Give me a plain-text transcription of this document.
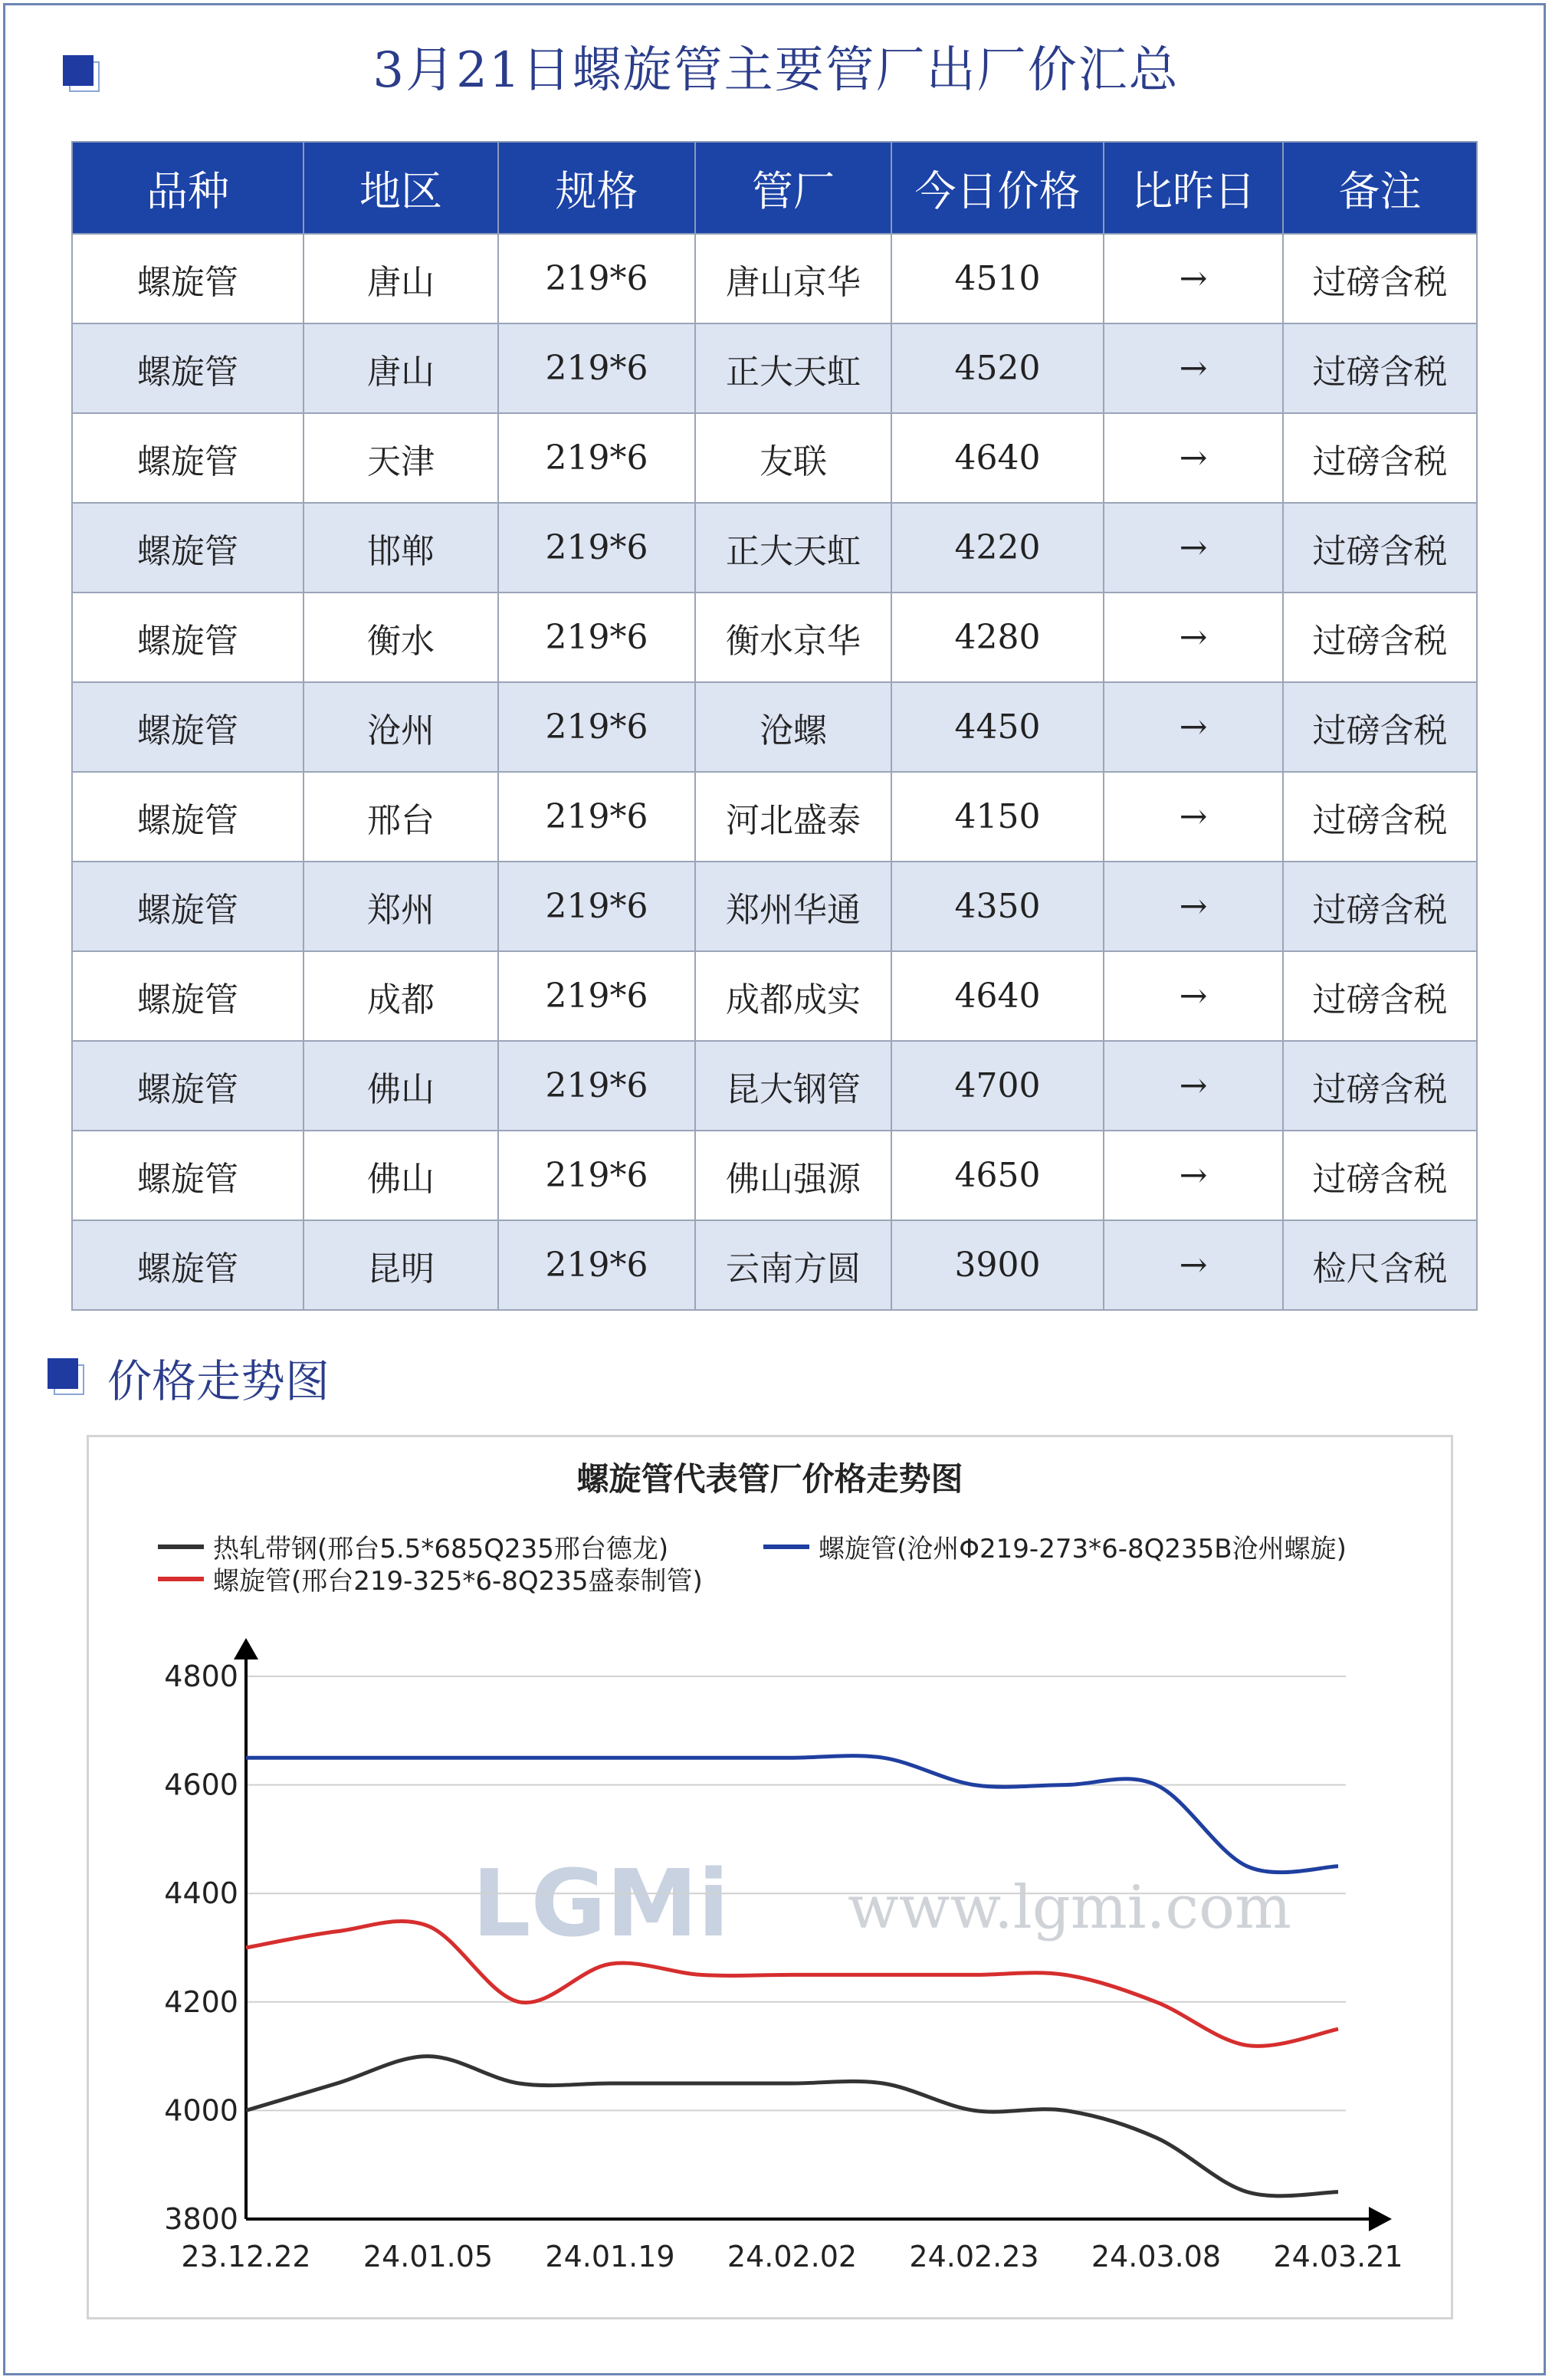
3月21日螺旋管主要管厂出厂价汇总
品种	地区	规格	管厂	今日价格	比昨日	备注
螺旋管	唐山	219*6	唐山京华	4510	→	过磅含税
螺旋管	唐山	219*6	正大天虹	4520	→	过磅含税
螺旋管	天津	219*6	友联	4640	→	过磅含税
螺旋管	邯郸	219*6	正大天虹	4220	→	过磅含税
螺旋管	衡水	219*6	衡水京华	4280	→	过磅含税
螺旋管	沧州	219*6	沧螺	4450	→	过磅含税
螺旋管	邢台	219*6	河北盛泰	4150	→	过磅含税
螺旋管	郑州	219*6	郑州华通	4350	→	过磅含税
螺旋管	成都	219*6	成都成实	4640	→	过磅含税
螺旋管	佛山	219*6	昆大钢管	4700	→	过磅含税
螺旋管	佛山	219*6	佛山强源	4650	→	过磅含税
螺旋管	昆明	219*6	云南方圆	3900	→	检尺含税
价格走势图
螺旋管代表管厂价格走势图
热轧带钢(邢台5.5*685Q235邢台德龙)	螺旋管(沧州Φ219-273*6-8Q235B沧州螺旋)
螺旋管(邢台219-325*6-8Q235盛泰制管)
LGMi www.lgmi.com
3800
4000
4200
4400
4600
4800
23.12.22 24.01.05 24.01.19 24.02.02 24.02.23 24.03.08 24.03.21
